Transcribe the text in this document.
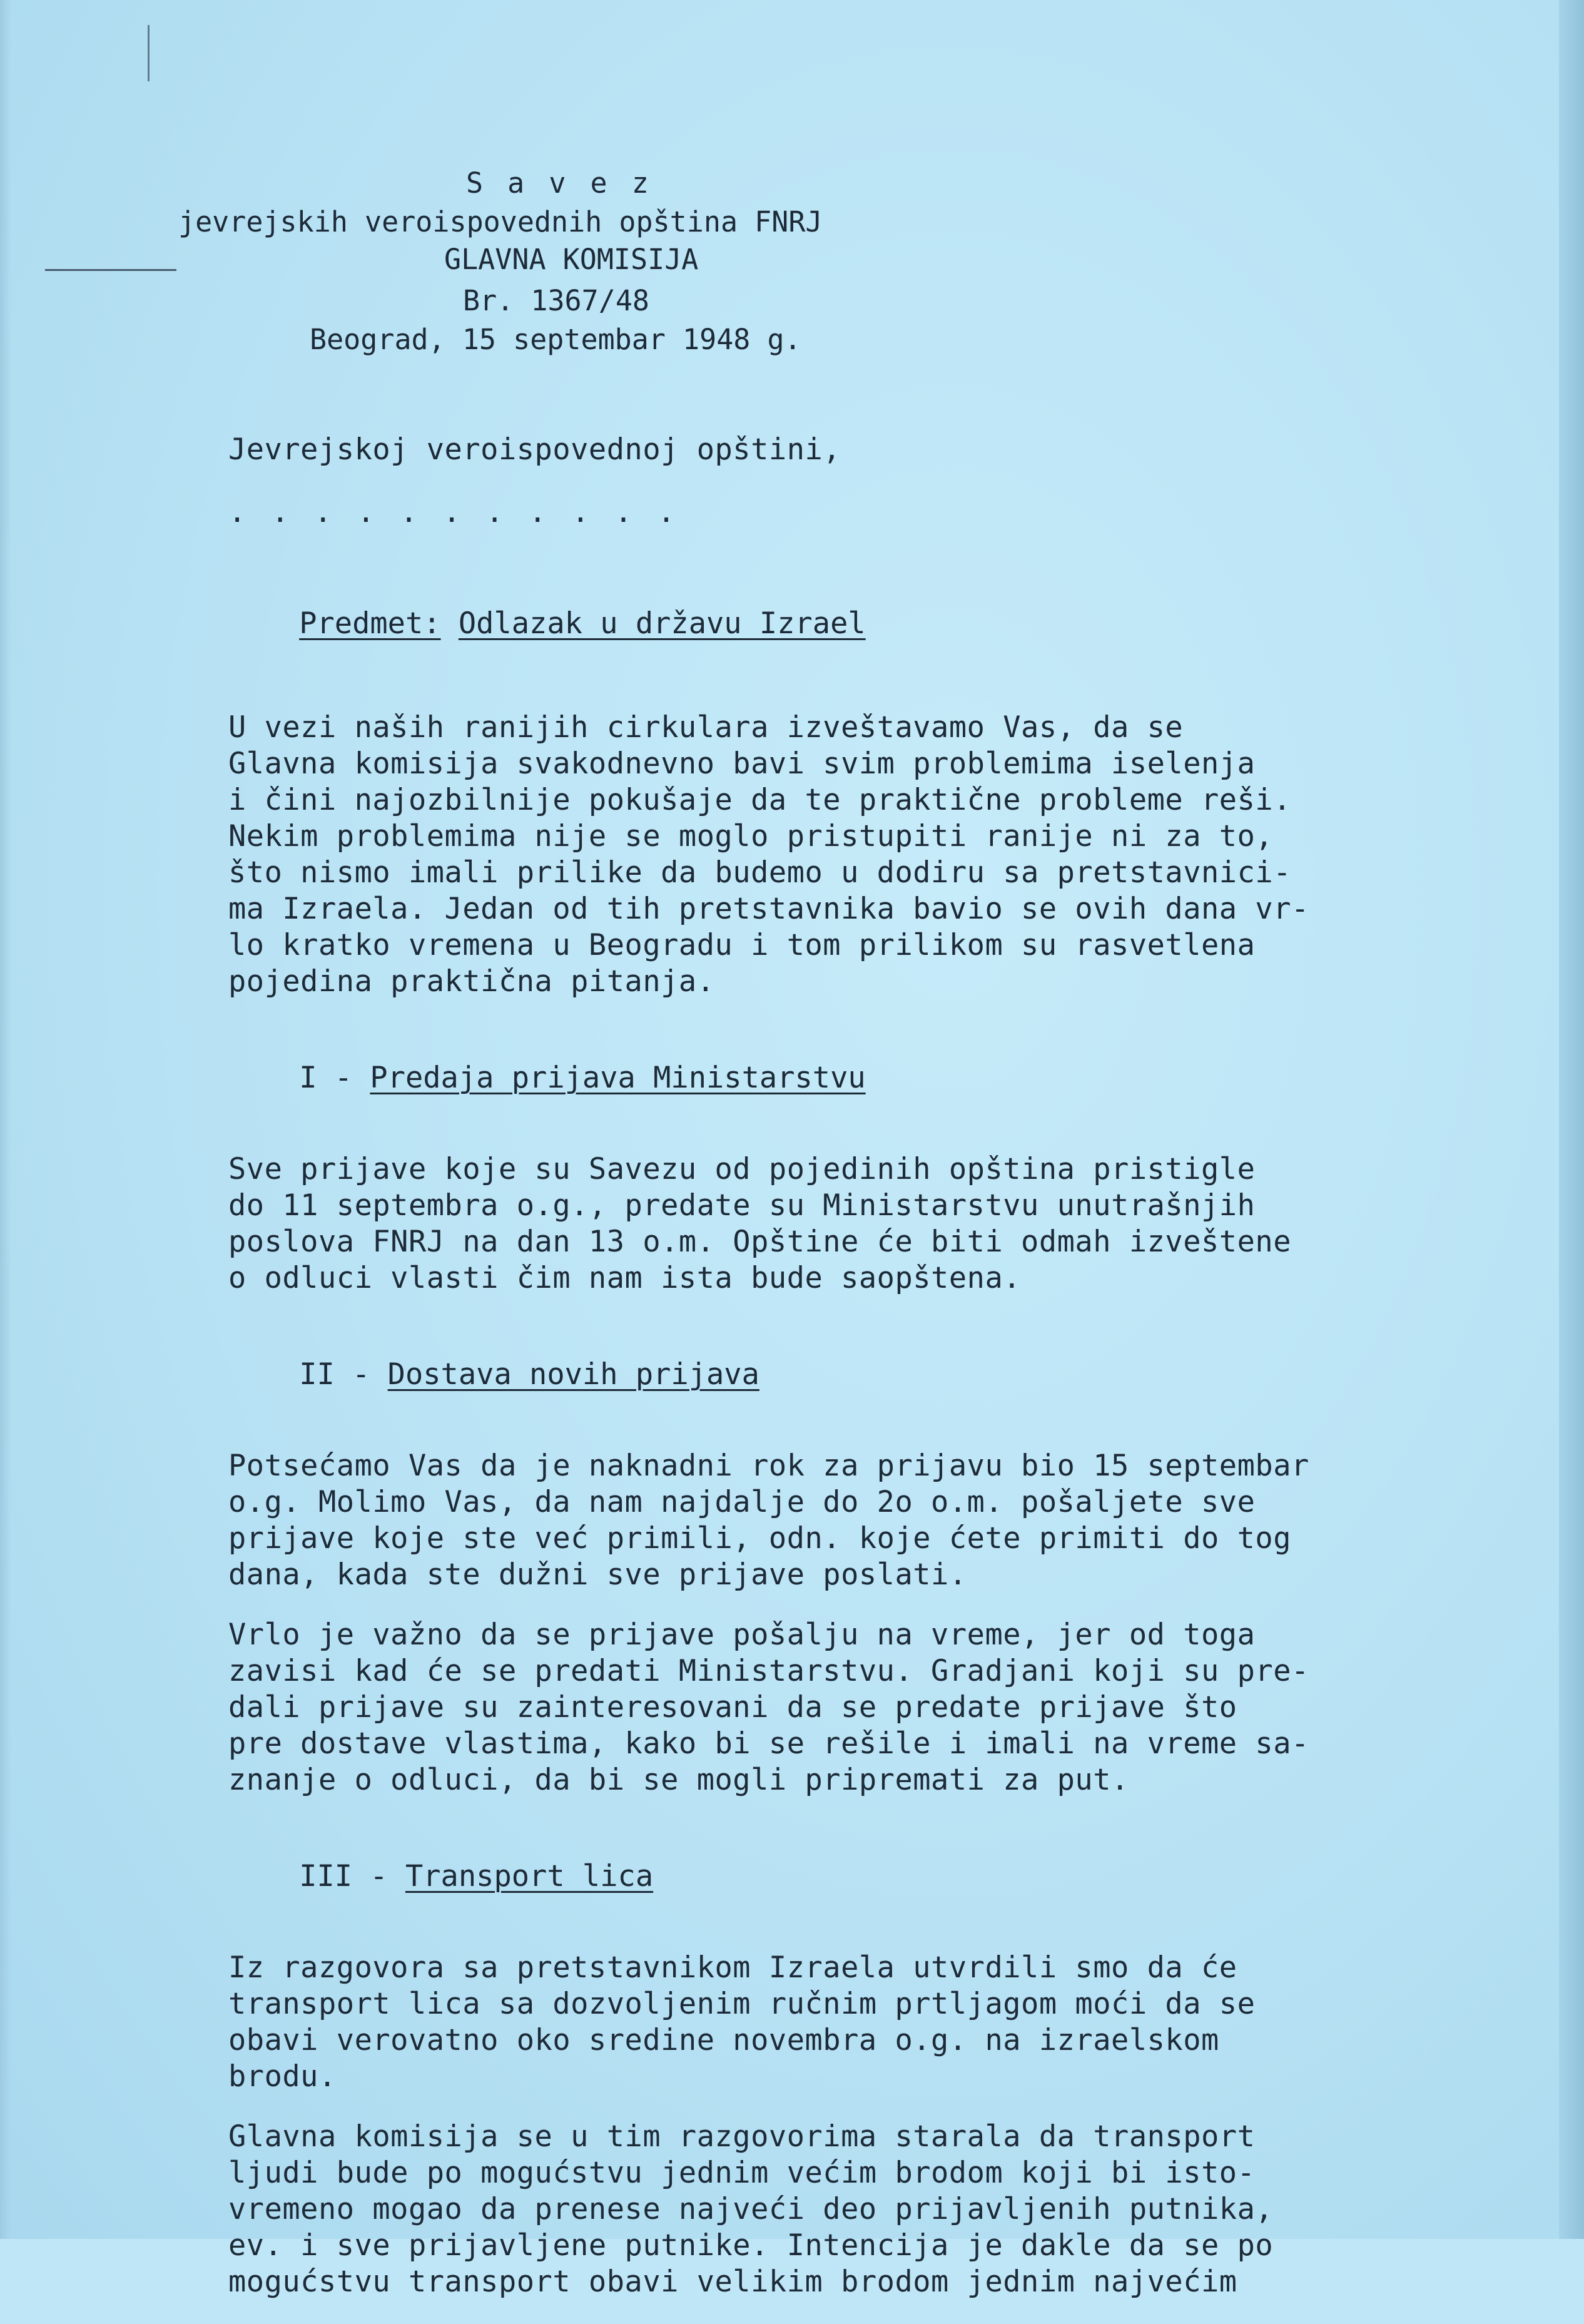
S a v e z
jevrejskih veroispovednih opština FNRJ
GLAVNA KOMISIJA
Br. 1367/48
Beograd, 15 septembar 1948 g.
Jevrejskoj veroispovednoj opštini,
. . . . . . . . . . .

Predmet: Odlazak u državu Izrael

U vezi naših ranijih cirkulara izveštavamo Vas, da se
Glavna komisija svakodnevno bavi svim problemima iselenja
i čini najozbilnije pokušaje da te praktične probleme reši.
Nekim problemima nije se moglo pristupiti ranije ni za to,
što nismo imali prilike da budemo u dodiru sa pretstavnici-
ma Izraela. Jedan od tih pretstavnika bavio se ovih dana vr-
lo kratko vremena u Beogradu i tom prilikom su rasvetlena
pojedina praktična pitanja.

I - Predaja prijava Ministarstvu

Sve prijave koje su Savezu od pojedinih opština pristigle
do 11 septembra o.g., predate su Ministarstvu unutrašnjih
poslova FNRJ na dan 13 o.m. Opštine će biti odmah izveštene
o odluci vlasti čim nam ista bude saopštena.

II - Dostava novih prijava

Potsećamo Vas da je naknadni rok za prijavu bio 15 septembar
o.g. Molimo Vas, da nam najdalje do 2o o.m. pošaljete sve
prijave koje ste već primili, odn. koje ćete primiti do tog
dana, kada ste dužni sve prijave poslati.
Vrlo je važno da se prijave pošalju na vreme, jer od toga
zavisi kad će se predati Ministarstvu. Gradjani koji su pre-
dali prijave su zainteresovani da se predate prijave što
pre dostave vlastima, kako bi se rešile i imali na vreme sa-
znanje o odluci, da bi se mogli pripremati za put.

III - Transport lica

Iz razgovora sa pretstavnikom Izraela utvrdili smo da će
transport lica sa dozvoljenim ručnim prtljagom moći da se
obavi verovatno oko sredine novembra o.g. na izraelskom
brodu.
Glavna komisija se u tim razgovorima starala da transport
ljudi bude po mogućstvu jednim većim brodom koji bi isto-
vremeno mogao da prenese najveći deo prijavljenih putnika,
ev. i sve prijavljene putnike. Intencija je dakle da se po
mogućstvu transport obavi velikim brodom jednim najvećim
